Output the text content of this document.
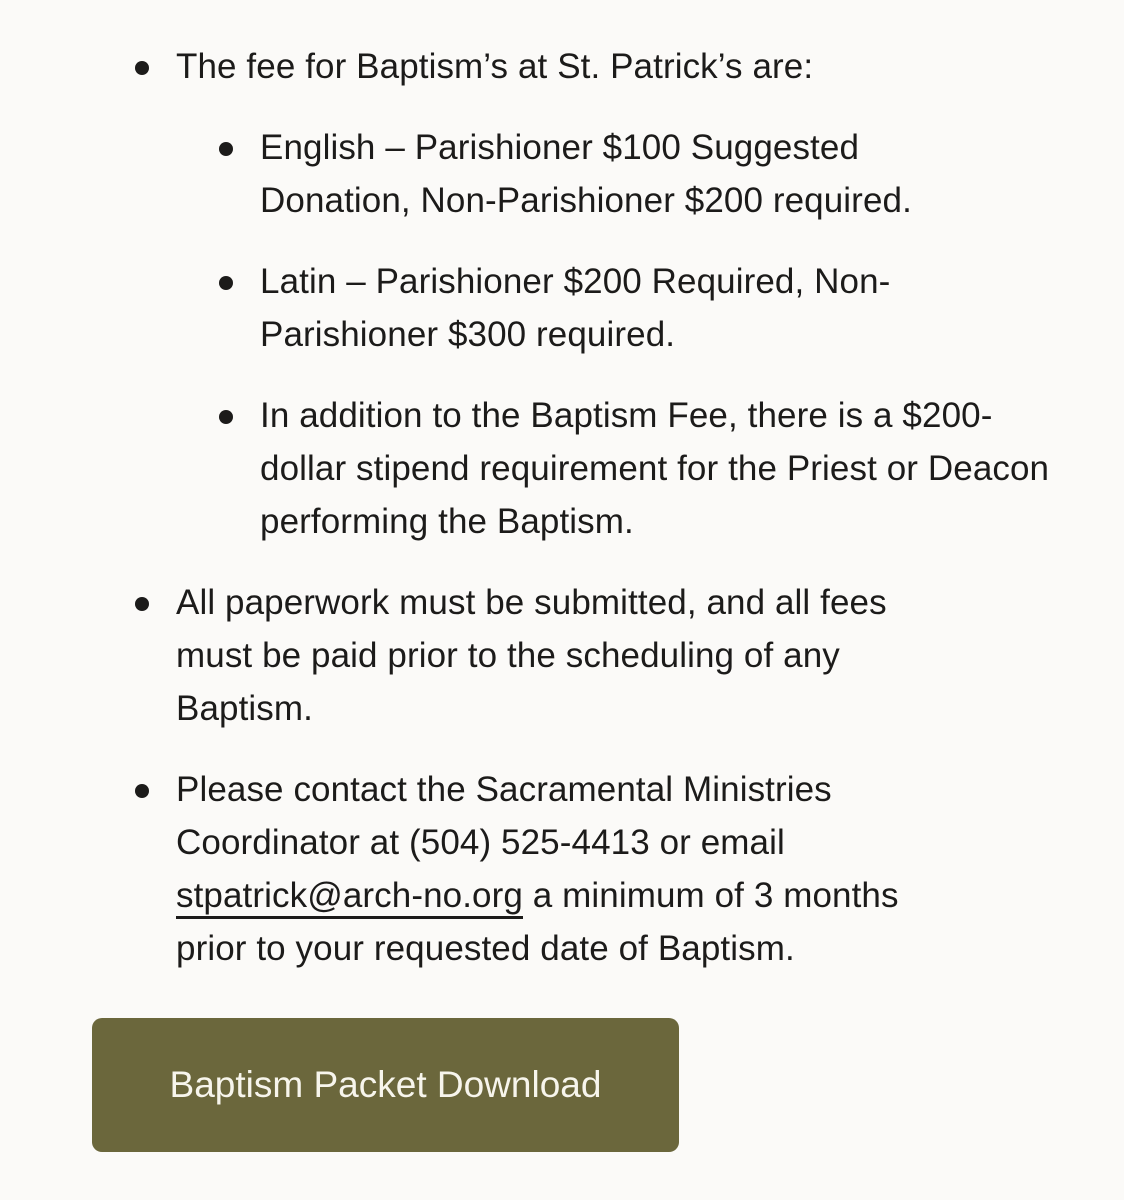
The fee for Baptism’s at St. Patrick’s are:
English – Parishioner $100 Suggested Donation, Non-Parishioner $200 required.
Latin – Parishioner $200 Required, Non-Parishioner $300 required.
In addition to the Baptism Fee, there is a $200-dollar stipend requirement for the Priest or Deacon performing the Baptism.
All paperwork must be submitted, and all fees must be paid prior to the scheduling of any Baptism.
Please contact the Sacramental Ministries Coordinator at (504) 525-4413 or email stpatrick@arch-no.org a minimum of 3 months prior to your requested date of Baptism.
Baptism Packet Download
